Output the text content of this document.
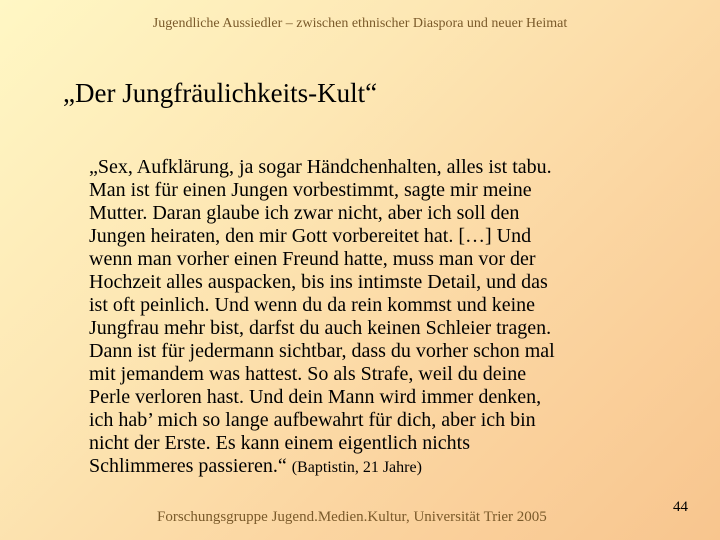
Jugendliche Aussiedler – zwischen ethnischer Diaspora und neuer Heimat
„Der Jungfräulichkeits-Kult“
„Sex, Aufklärung, ja sogar Händchenhalten, alles ist tabu.
Man ist für einen Jungen vorbestimmt, sagte mir meine
Mutter. Daran glaube ich zwar nicht, aber ich soll den
Jungen heiraten, den mir Gott vorbereitet hat. […] Und
wenn man vorher einen Freund hatte, muss man vor der
Hochzeit alles auspacken, bis ins intimste Detail, und das
ist oft peinlich. Und wenn du da rein kommst und keine
Jungfrau mehr bist, darfst du auch keinen Schleier tragen.
Dann ist für jedermann sichtbar, dass du vorher schon mal
mit jemandem was hattest. So als Strafe, weil du deine
Perle verloren hast. Und dein Mann wird immer denken,
ich hab’ mich so lange aufbewahrt für dich, aber ich bin
nicht der Erste. Es kann einem eigentlich nichts
Schlimmeres passieren.“ (Baptistin, 21 Jahre)
Forschungsgruppe Jugend.Medien.Kultur, Universität Trier 2005
44
